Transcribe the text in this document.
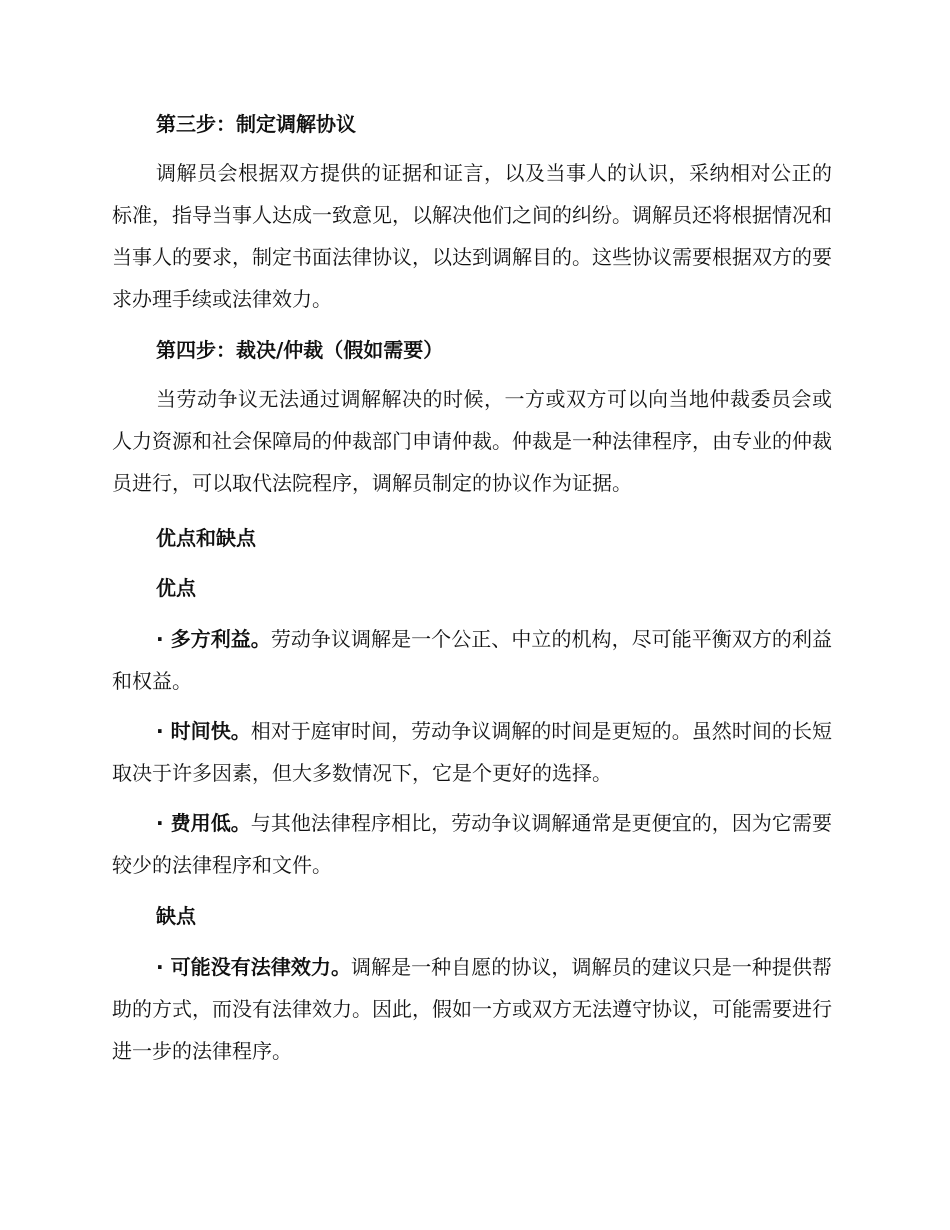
第三步：制定调解协议

调解员会根据双方提供的证据和证言，以及当事人的认识，采纳相对公正的标准，指导当事人达成一致意见，以解决他们之间的纠纷。调解员还将根据情况和当事人的要求，制定书面法律协议，以达到调解目的。这些协议需要根据双方的要求办理手续或法律效力。

第四步：裁决/仲裁（假如需要）

当劳动争议无法通过调解解决的时候，一方或双方可以向当地仲裁委员会或人力资源和社会保障局的仲裁部门申请仲裁。仲裁是一种法律程序，由专业的仲裁员进行，可以取代法院程序，调解员制定的协议作为证据。

优点和缺点

优点

· 多方利益。劳动争议调解是一个公正、中立的机构，尽可能平衡双方的利益和权益。

· 时间快。相对于庭审时间，劳动争议调解的时间是更短的。虽然时间的长短取决于许多因素，但大多数情况下，它是个更好的选择。

· 费用低。与其他法律程序相比，劳动争议调解通常是更便宜的，因为它需要较少的法律程序和文件。

缺点

· 可能没有法律效力。调解是一种自愿的协议，调解员的建议只是一种提供帮助的方式，而没有法律效力。因此，假如一方或双方无法遵守协议，可能需要进行进一步的法律程序。
